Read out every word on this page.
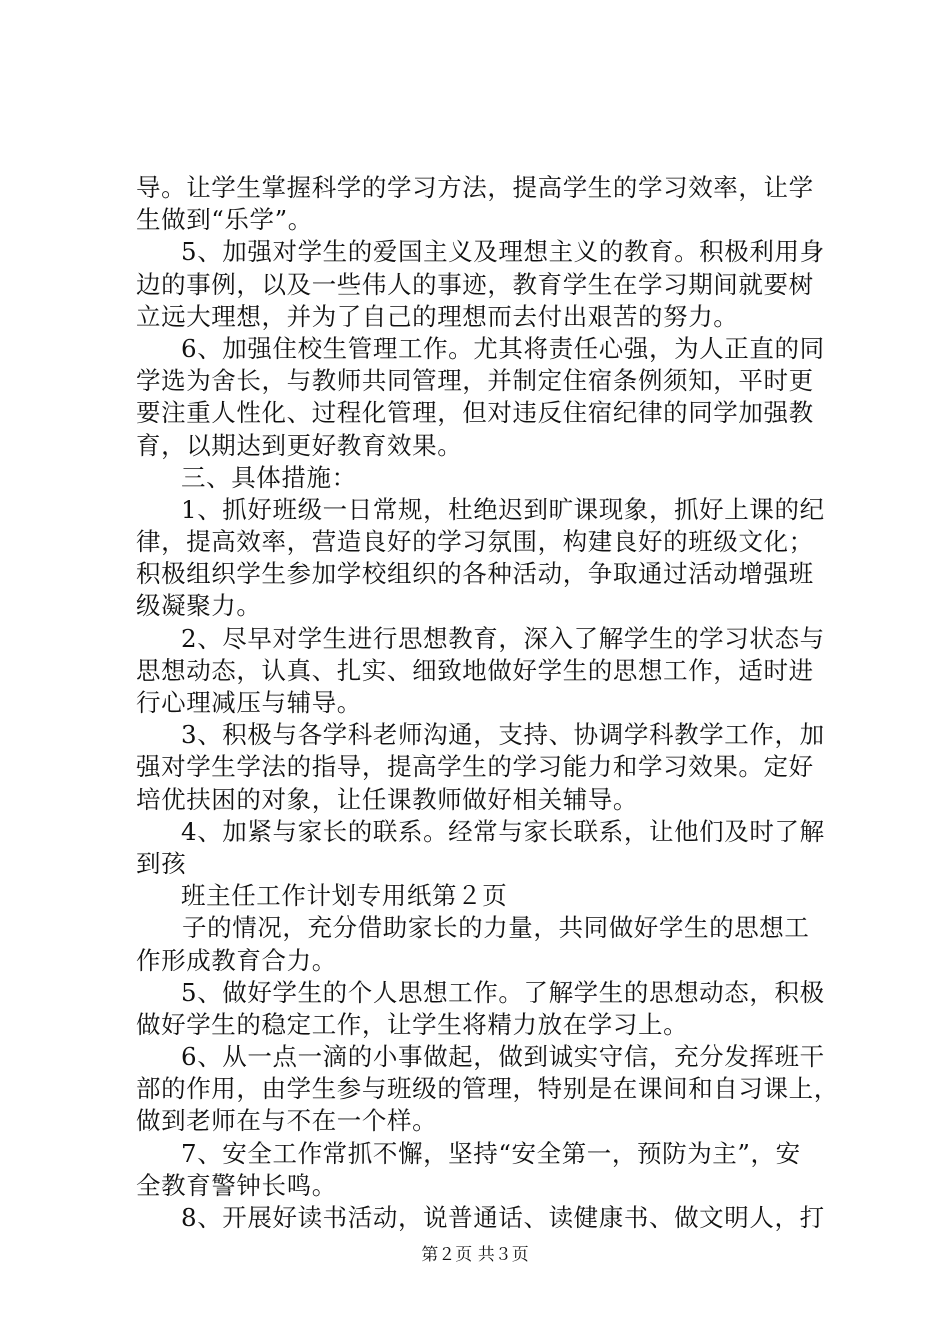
导。让学生掌握科学的学习方法，提高学生的学习效率，让学
生做到“乐学”。
5、加强对学生的爱国主义及理想主义的教育。积极利用身
边的事例，以及一些伟人的事迹，教育学生在学习期间就要树
立远大理想，并为了自己的理想而去付出艰苦的努力。
6、加强住校生管理工作。尤其将责任心强，为人正直的同
学选为舍长，与教师共同管理，并制定住宿条例须知，平时更
要注重人性化、过程化管理，但对违反住宿纪律的同学加强教
育，以期达到更好教育效果。
三、具体措施：
1、抓好班级一日常规，杜绝迟到旷课现象，抓好上课的纪
律，提高效率，营造良好的学习氛围，构建良好的班级文化；
积极组织学生参加学校组织的各种活动，争取通过活动增强班
级凝聚力。
2、尽早对学生进行思想教育，深入了解学生的学习状态与
思想动态，认真、扎实、细致地做好学生的思想工作，适时进
行心理减压与辅导。
3、积极与各学科老师沟通，支持、协调学科教学工作，加
强对学生学法的指导，提高学生的学习能力和学习效果。定好
培优扶困的对象，让任课教师做好相关辅导。
4、加紧与家长的联系。经常与家长联系，让他们及时了解
到孩
班主任工作计划专用纸第２页
子的情况，充分借助家长的力量，共同做好学生的思想工
作形成教育合力。
5、做好学生的个人思想工作。了解学生的思想动态，积极
做好学生的稳定工作，让学生将精力放在学习上。
6、从一点一滴的小事做起，做到诚实守信，充分发挥班干
部的作用，由学生参与班级的管理，特别是在课间和自习课上，
做到老师在与不在一个样。
7、安全工作常抓不懈，坚持“安全第一，预防为主”，安
全教育警钟长鸣。
8、开展好读书活动，说普通话、读健康书、做文明人，打
第２页 共３页
